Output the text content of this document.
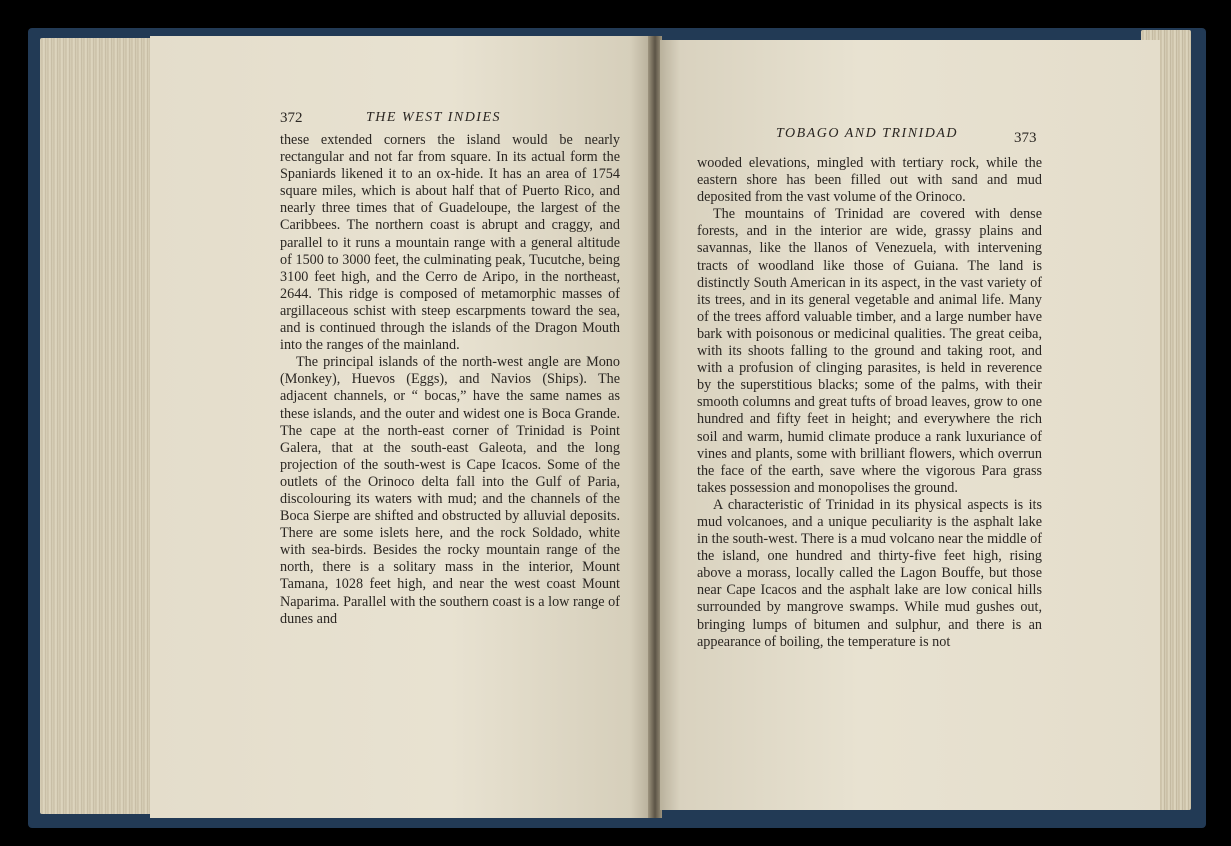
372	THE WEST INDIES

these extended corners the island would be nearly rectangular and not far from square. In its actual form the Spaniards likened it to an ox-hide. It has an area of 1754 square miles, which is about half that of Puerto Rico, and nearly three times that of Guadeloupe, the largest of the Caribbees. The northern coast is abrupt and craggy, and parallel to it runs a mountain range with a general altitude of 1500 to 3000 feet, the culminating peak, Tucutche, being 3100 feet high, and the Cerro de Aripo, in the northeast, 2644. This ridge is composed of metamorphic masses of argillaceous schist with steep escarpments toward the sea, and is continued through the islands of the Dragon Mouth into the ranges of the mainland.

The principal islands of the north-west angle are Mono (Monkey), Huevos (Eggs), and Navios (Ships). The adjacent channels, or “ bocas,” have the same names as these islands, and the outer and widest one is Boca Grande. The cape at the north-east corner of Trinidad is Point Galera, that at the south-east Galeota, and the long projection of the south-west is Cape Icacos. Some of the outlets of the Orinoco delta fall into the Gulf of Paria, discolouring its waters with mud; and the channels of the Boca Sierpe are shifted and obstructed by alluvial deposits. There are some islets here, and the rock Soldado, white with sea-birds. Besides the rocky mountain range of the north, there is a solitary mass in the interior, Mount Tamana, 1028 feet high, and near the west coast Mount Naparima. Parallel with the southern coast is a low range of dunes and

TOBAGO AND TRINIDAD	373

wooded elevations, mingled with tertiary rock, while the eastern shore has been filled out with sand and mud deposited from the vast volume of the Orinoco.

The mountains of Trinidad are covered with dense forests, and in the interior are wide, grassy plains and savannas, like the llanos of Venezuela, with intervening tracts of woodland like those of Guiana. The land is distinctly South American in its aspect, in the vast variety of its trees, and in its general vegetable and animal life. Many of the trees afford valuable timber, and a large number have bark with poisonous or medicinal qualities. The great ceiba, with its shoots falling to the ground and taking root, and with a profusion of clinging parasites, is held in reverence by the superstitious blacks; some of the palms, with their smooth columns and great tufts of broad leaves, grow to one hundred and fifty feet in height; and everywhere the rich soil and warm, humid climate produce a rank luxuriance of vines and plants, some with brilliant flowers, which overrun the face of the earth, save where the vigorous Para grass takes possession and monopolises the ground.

A characteristic of Trinidad in its physical aspects is its mud volcanoes, and a unique peculiarity is the asphalt lake in the south-west. There is a mud volcano near the middle of the island, one hundred and thirty-five feet high, rising above a morass, locally called the Lagon Bouffe, but those near Cape Icacos and the asphalt lake are low conical hills surrounded by mangrove swamps. While mud gushes out, bringing lumps of bitumen and sulphur, and there is an appearance of boiling, the temperature is not
